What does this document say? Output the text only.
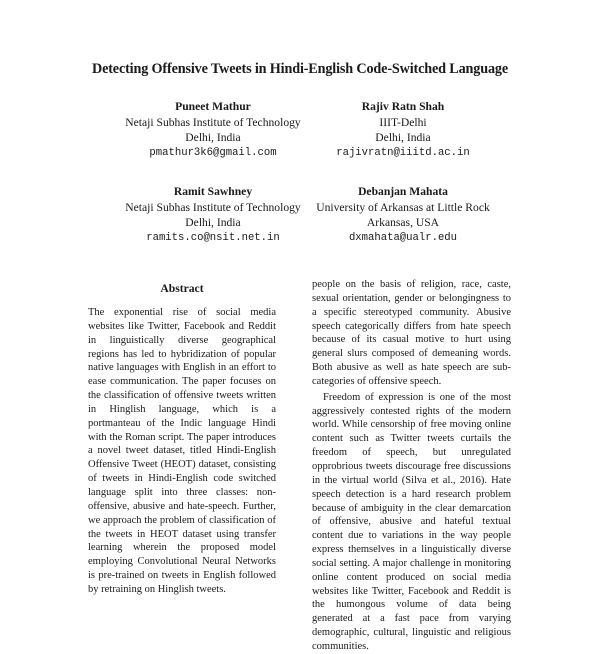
Detecting Offensive Tweets in Hindi-English Code-Switched Language
Puneet Mathur
Netaji Subhas Institute of Technology
Delhi, India
pmathur3k6@gmail.com
Rajiv Ratn Shah
IIIT-Delhi
Delhi, India
rajivratn@iiitd.ac.in
Ramit Sawhney
Netaji Subhas Institute of Technology
Delhi, India
ramits.co@nsit.net.in
Debanjan Mahata
University of Arkansas at Little Rock
Arkansas, USA
dxmahata@ualr.edu
Abstract

The exponential rise of social media websites like Twitter, Facebook and Reddit in linguistically diverse geographical regions has led to hybridization of popular native languages with English in an effort to ease communication. The paper focuses on the classification of offensive tweets written in Hinglish language, which is a portmanteau of the Indic language Hindi with the Roman script. The paper introduces a novel tweet dataset, titled Hindi-English Offensive Tweet (HEOT) dataset, consisting of tweets in Hindi-English code switched language split into three classes: non-offensive, abusive and hate-speech. Further, we approach the problem of classification of the tweets in HEOT dataset using transfer learning wherein the proposed model employing Convolutional Neural Networks is pre-trained on tweets in English followed by retraining on Hinglish tweets.

people on the basis of religion, race, caste, sexual orientation, gender or belongingness to a specific stereotyped community. Abusive speech categorically differs from hate speech because of its casual motive to hurt using general slurs composed of demeaning words. Both abusive as well as hate speech are sub-categories of offensive speech.

Freedom of expression is one of the most aggressively contested rights of the modern world. While censorship of free moving online content such as Twitter tweets curtails the freedom of speech, but unregulated opprobrious tweets discourage free discussions in the virtual world (Silva et al., 2016). Hate speech detection is a hard research problem because of ambiguity in the clear demarcation of offensive, abusive and hateful textual content due to variations in the way people express themselves in a linguistically diverse social setting. A major challenge in monitoring online content produced on social media websites like Twitter, Facebook and Reddit is the humongous volume of data being generated at a fast pace from varying demographic, cultural, linguistic and religious communities.
